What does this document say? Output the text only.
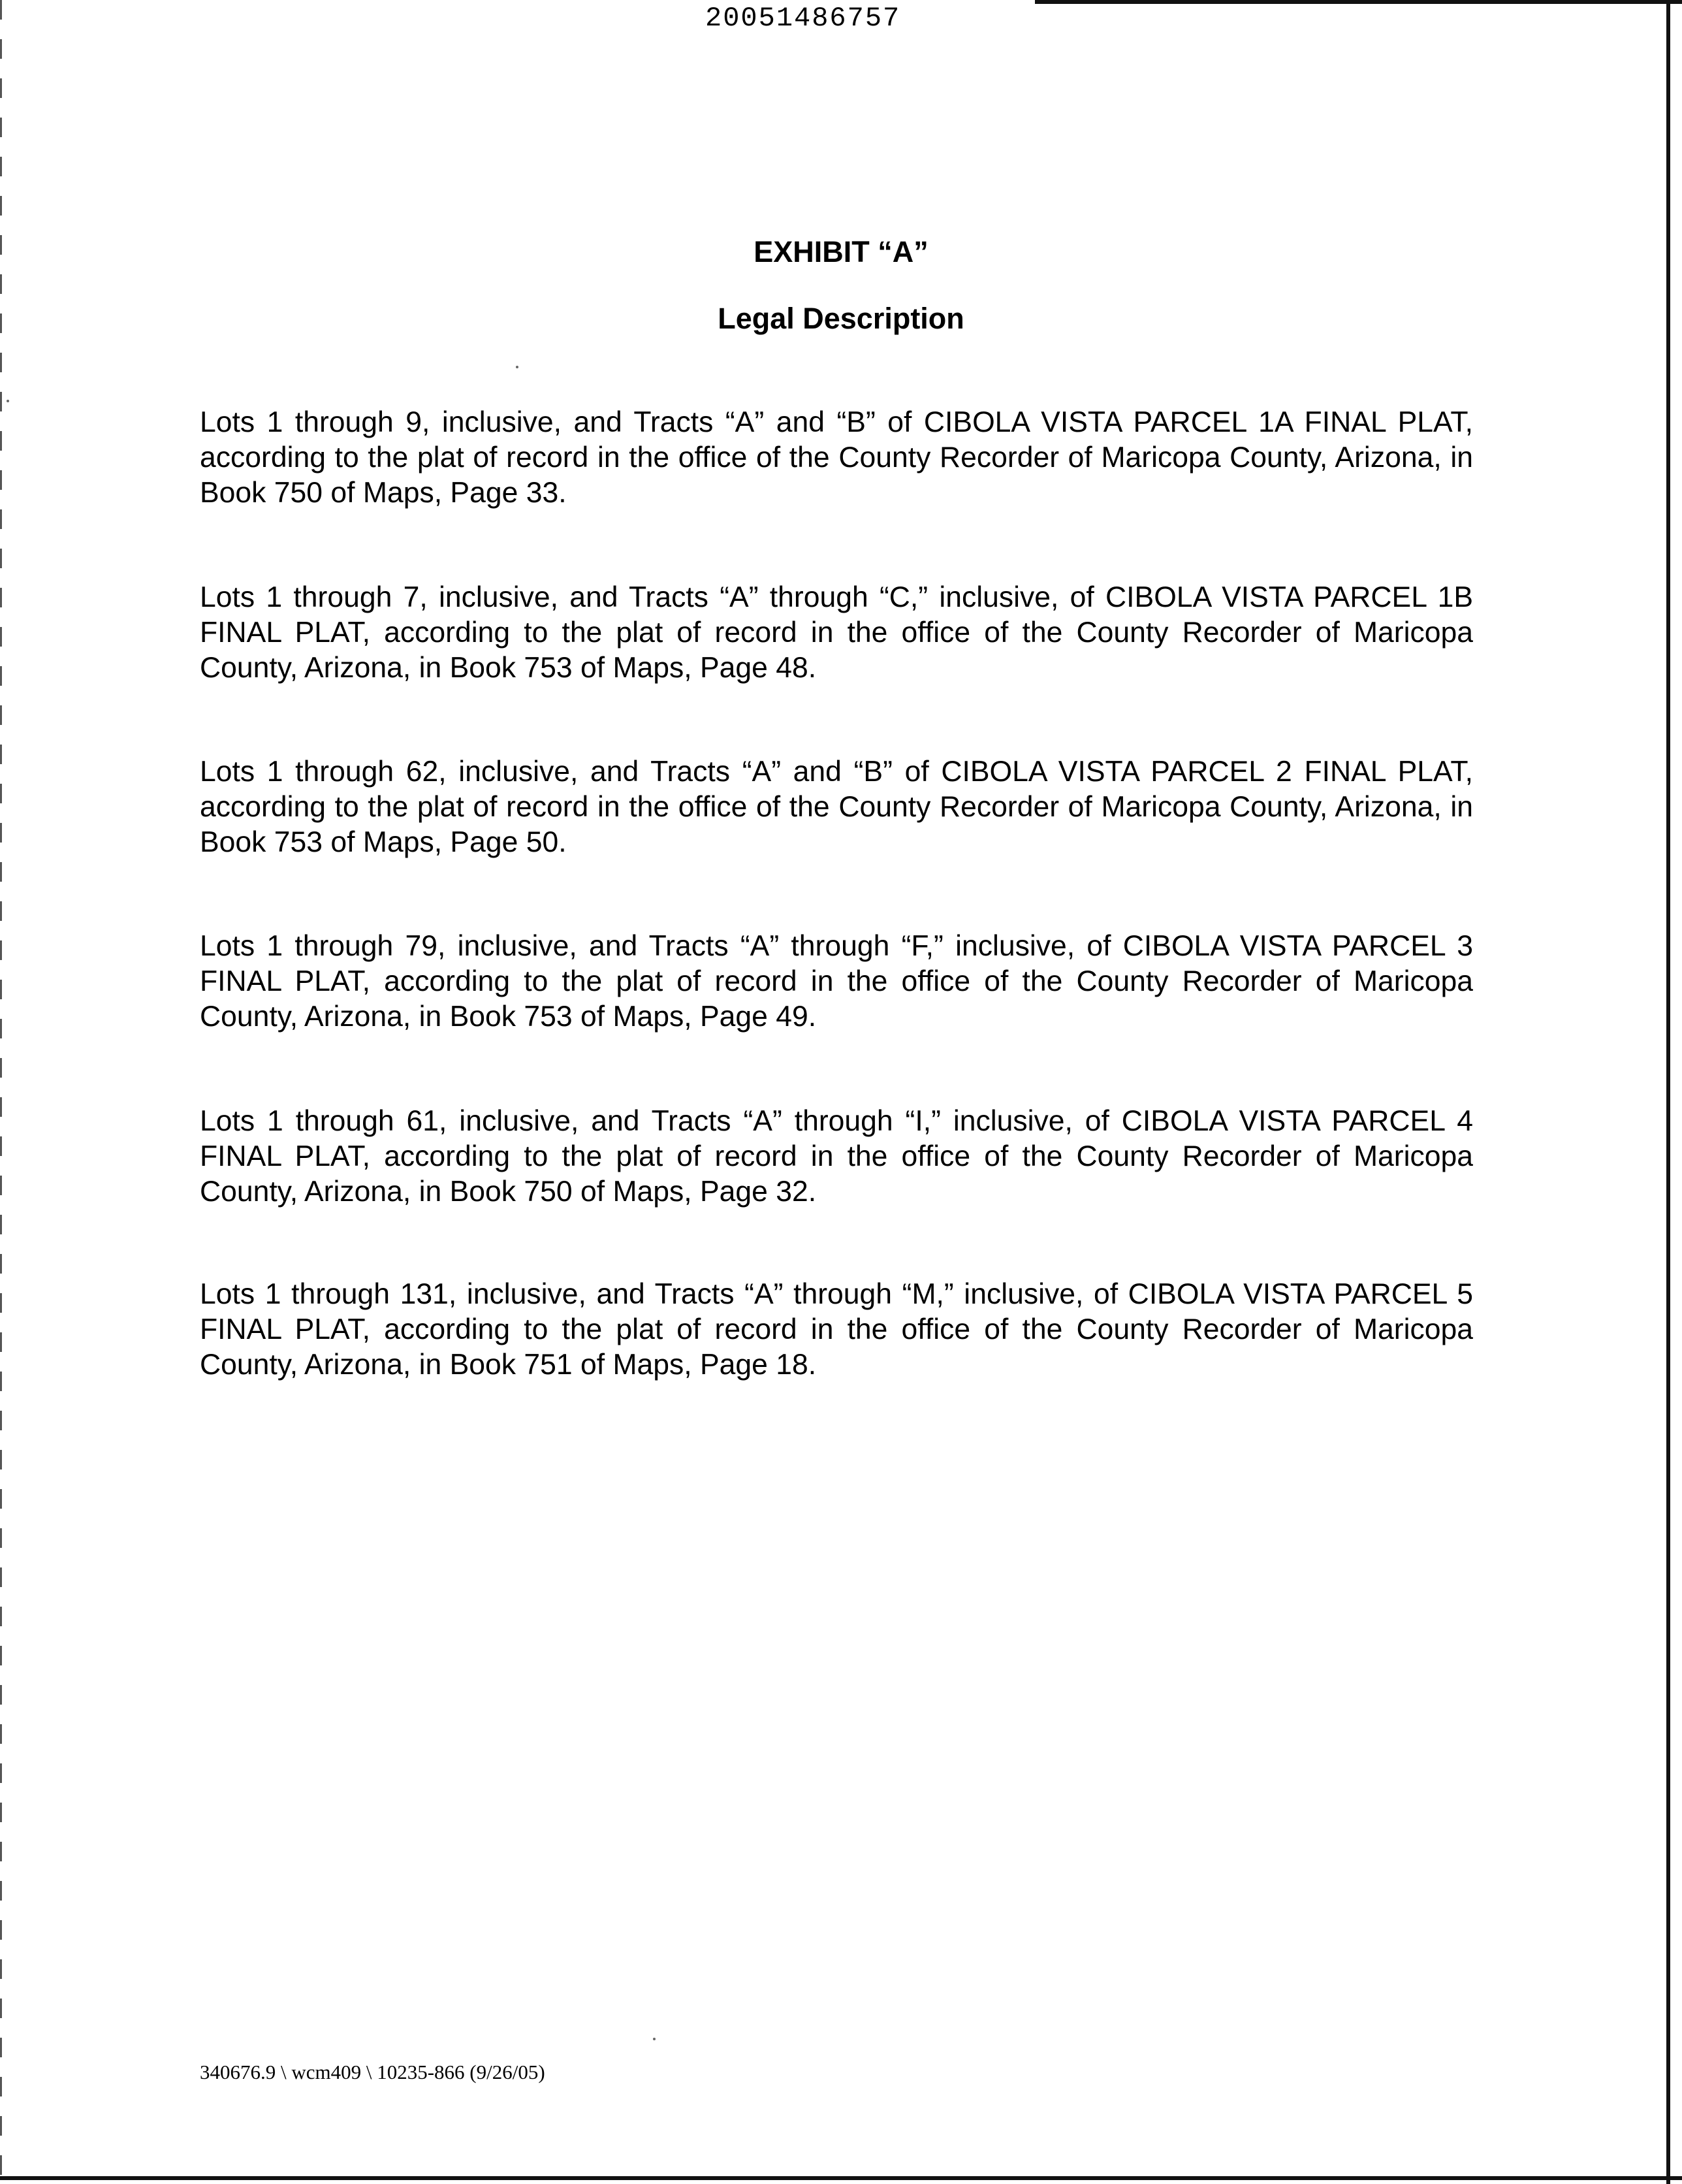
20051486757
EXHIBIT “A”
Legal Description
Lots 1 through 9, inclusive, and Tracts “A” and “B” of CIBOLA VISTA PARCEL 1A FINAL PLAT, according to the plat of record in the office of the County Recorder of Maricopa County, Arizona, in Book 750 of Maps, Page 33.
Lots 1 through 7, inclusive, and Tracts “A” through “C,” inclusive, of CIBOLA VISTA PARCEL 1B FINAL PLAT, according to the plat of record in the office of the County Recorder of Maricopa County, Arizona, in Book 753 of Maps, Page 48.
Lots 1 through 62, inclusive, and Tracts “A” and “B” of CIBOLA VISTA PARCEL 2 FINAL PLAT, according to the plat of record in the office of the County Recorder of Maricopa County, Arizona, in Book 753 of Maps, Page 50.
Lots 1 through 79, inclusive, and Tracts “A” through “F,” inclusive, of CIBOLA VISTA PARCEL 3 FINAL PLAT, according to the plat of record in the office of the County Recorder of Maricopa County, Arizona, in Book 753 of Maps, Page 49.
Lots 1 through 61, inclusive, and Tracts “A” through “I,” inclusive, of CIBOLA VISTA PARCEL 4 FINAL PLAT, according to the plat of record in the office of the County Recorder of Maricopa County, Arizona, in Book 750 of Maps, Page 32.
Lots 1 through 131, inclusive, and Tracts “A” through “M,” inclusive, of CIBOLA VISTA PARCEL 5 FINAL PLAT, according to the plat of record in the office of the County Recorder of Maricopa County, Arizona, in Book 751 of Maps, Page 18.
340676.9 \ wcm409 \ 10235-866 (9/26/05)
